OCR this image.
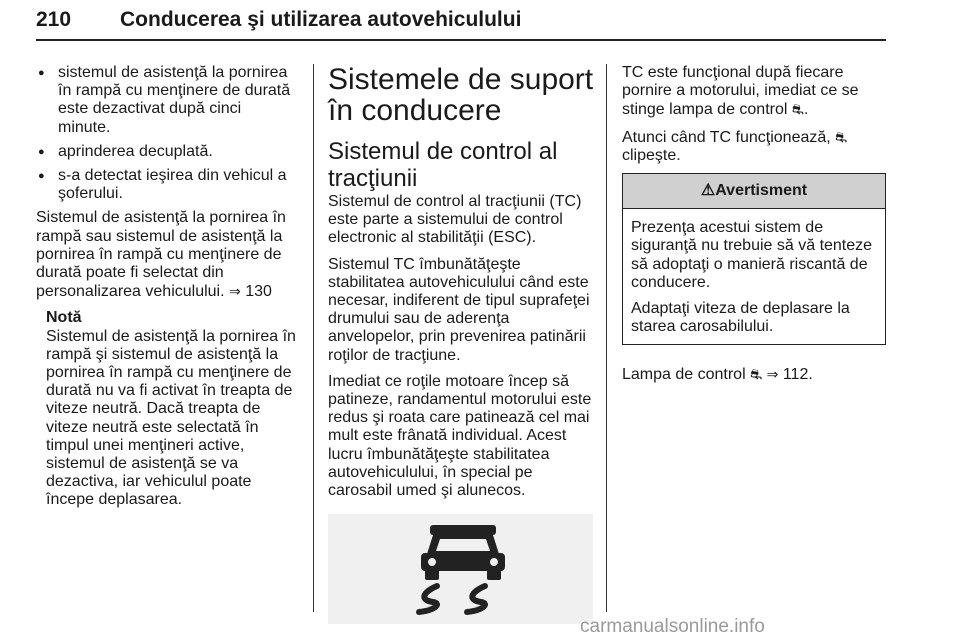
210 Conducerea şi utilizarea autovehiculului
● sistemul de asistenţă la pornirea în rampă cu menţinere de durată este dezactivat după cinci minute.
● aprinderea decuplată.
● s-a detectat ieşirea din vehicul a şoferului.

Sistemul de asistenţă la pornirea în rampă sau sistemul de asistenţă la pornirea în rampă cu menţinere de durată poate fi selectat din personalizarea vehiculului. ⇒ 130

Notă
Sistemul de asistenţă la pornirea în rampă şi sistemul de asistenţă la pornirea în rampă cu menţinere de durată nu va fi activat în treapta de viteze neutră. Dacă treapta de viteze neutră este selectată în timpul unei menţineri active, sistemul de asistenţă se va dezactiva, iar vehiculul poate începe deplasarea.
Sistemele de suport în conducere
Sistemul de control al tracţiunii

Sistemul de control al tracţiunii (TC) este parte a sistemului de control electronic al stabilităţii (ESC).

Sistemul TC îmbunătăţeşte stabilitatea autovehiculului când este necesar, indiferent de tipul suprafeţei drumului sau de aderenţa anvelopelor, prin prevenirea patinării roţilor de tracţiune.

Imediat ce roţile motoare încep să patineze, randamentul motorului este redus şi roata care patinează cel mai mult este frânată individual. Acest lucru îmbunătăţeşte stabilitatea autovehiculului, în special pe carosabil umed şi alunecos.

TC este funcţional după fiecare pornire a motorului, imediat ce se stinge lampa de control ⛐.

Atunci când TC funcţionează, ⛐ clipeşte.

⚠Avertisment

Prezenţa acestui sistem de siguranţă nu trebuie să vă tenteze să adoptaţi o manieră riscantă de conducere.

Adaptaţi viteza de deplasare la starea carosabilului.

Lampa de control ⛐ ⇒ 112.

carmanualsonline.info
